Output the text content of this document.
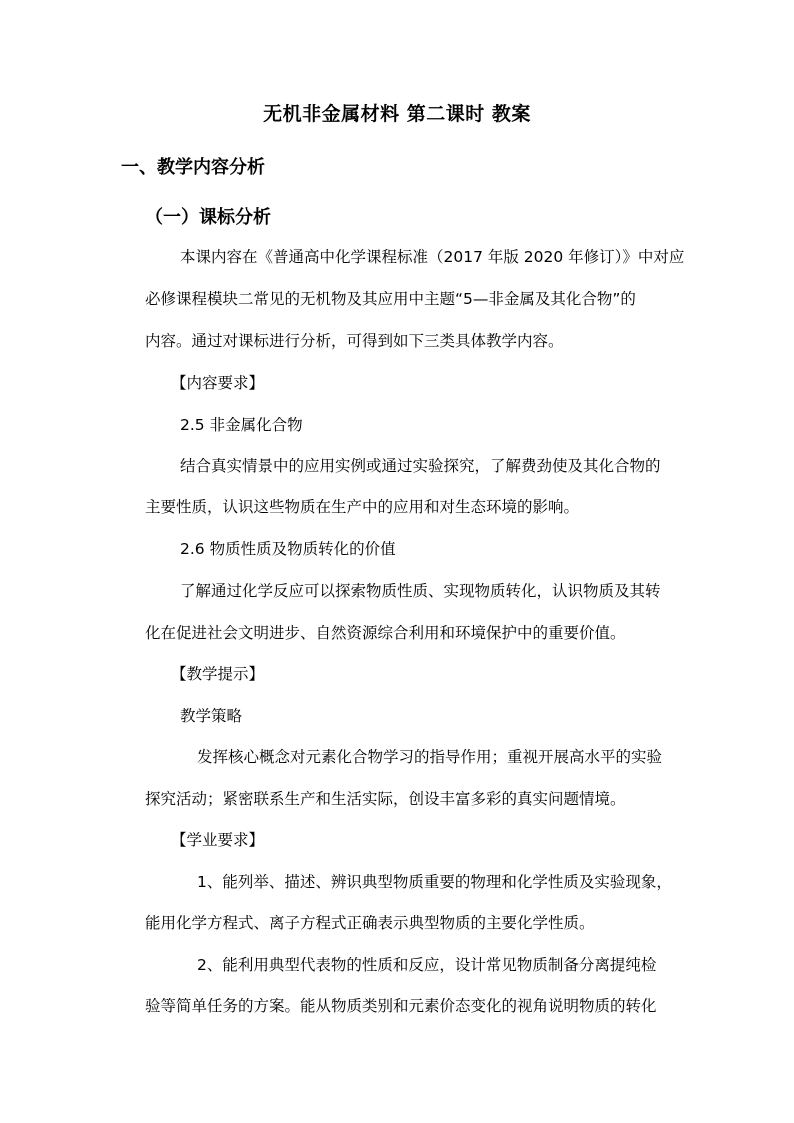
无机非金属材料 第二课时 教案
一、教学内容分析
（一）课标分析
本课内容在《普通高中化学课程标准（2017 年版 2020 年修订）》中对应
必修课程模块二常见的无机物及其应用中主题“5—非金属及其化合物”的
内容。通过对课标进行分析，可得到如下三类具体教学内容。
【内容要求】
2.5 非金属化合物
结合真实情景中的应用实例或通过实验探究，了解费劲使及其化合物的
主要性质，认识这些物质在生产中的应用和对生态环境的影响。
2.6 物质性质及物质转化的价值
了解通过化学反应可以探索物质性质、实现物质转化，认识物质及其转
化在促进社会文明进步、自然资源综合利用和环境保护中的重要价值。
【教学提示】
教学策略
发挥核心概念对元素化合物学习的指导作用；重视开展高水平的实验
探究活动；紧密联系生产和生活实际，创设丰富多彩的真实问题情境。
【学业要求】
1、能列举、描述、辨识典型物质重要的物理和化学性质及实验现象，
能用化学方程式、离子方程式正确表示典型物质的主要化学性质。
2、能利用典型代表物的性质和反应，设计常见物质制备分离提纯检
验等简单任务的方案。能从物质类别和元素价态变化的视角说明物质的转化
